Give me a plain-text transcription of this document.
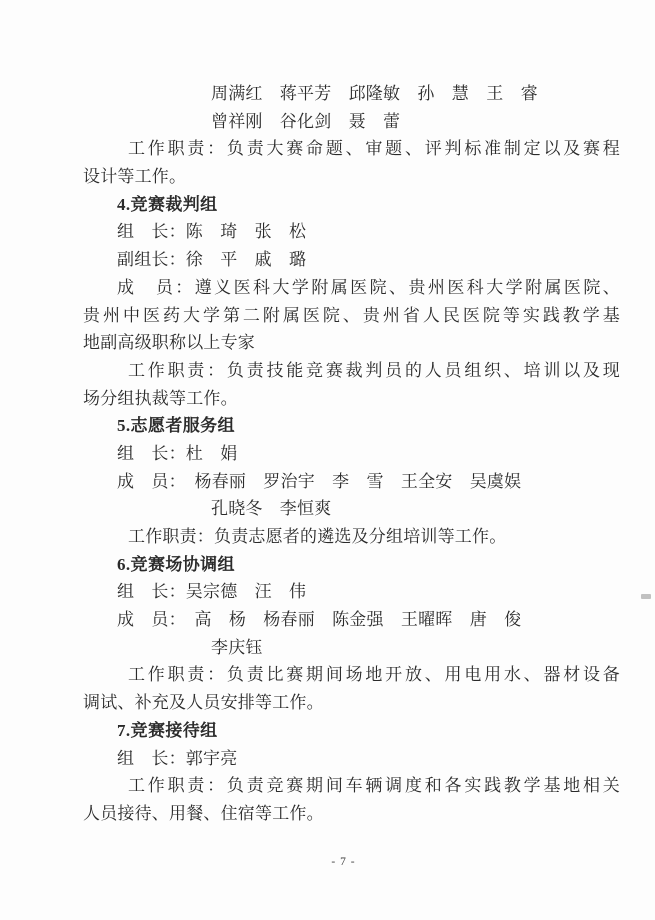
周满红　蒋平芳　邱隆敏　孙　慧　王　睿
曾祥刚　谷化剑　聂　蕾
工作职责：负责大赛命题、审题、评判标准制定以及赛程
设计等工作。
4.竞赛裁判组
组　长：陈　琦　张　松
副组长：徐　平　戚　璐
成　员：遵义医科大学附属医院、贵州医科大学附属医院、
贵州中医药大学第二附属医院、贵州省人民医院等实践教学基
地副高级职称以上专家
工作职责：负责技能竞赛裁判员的人员组织、培训以及现
场分组执裁等工作。
5.志愿者服务组
组　长：杜　娟
成　员：　杨春丽　罗治宇　李　雪　王全安　吴虞娱
孔晓冬　李恒爽
工作职责：负责志愿者的遴选及分组培训等工作。
6.竞赛场协调组
组　长：吴宗德　汪　伟
成　员：　高　杨　杨春丽　陈金强　王曜晖　唐　俊
李庆钰
工作职责：负责比赛期间场地开放、用电用水、器材设备
调试、补充及人员安排等工作。
7.竞赛接待组
组　长：郭宇亮
工作职责：负责竞赛期间车辆调度和各实践教学基地相关
人员接待、用餐、住宿等工作。
- 7 -
